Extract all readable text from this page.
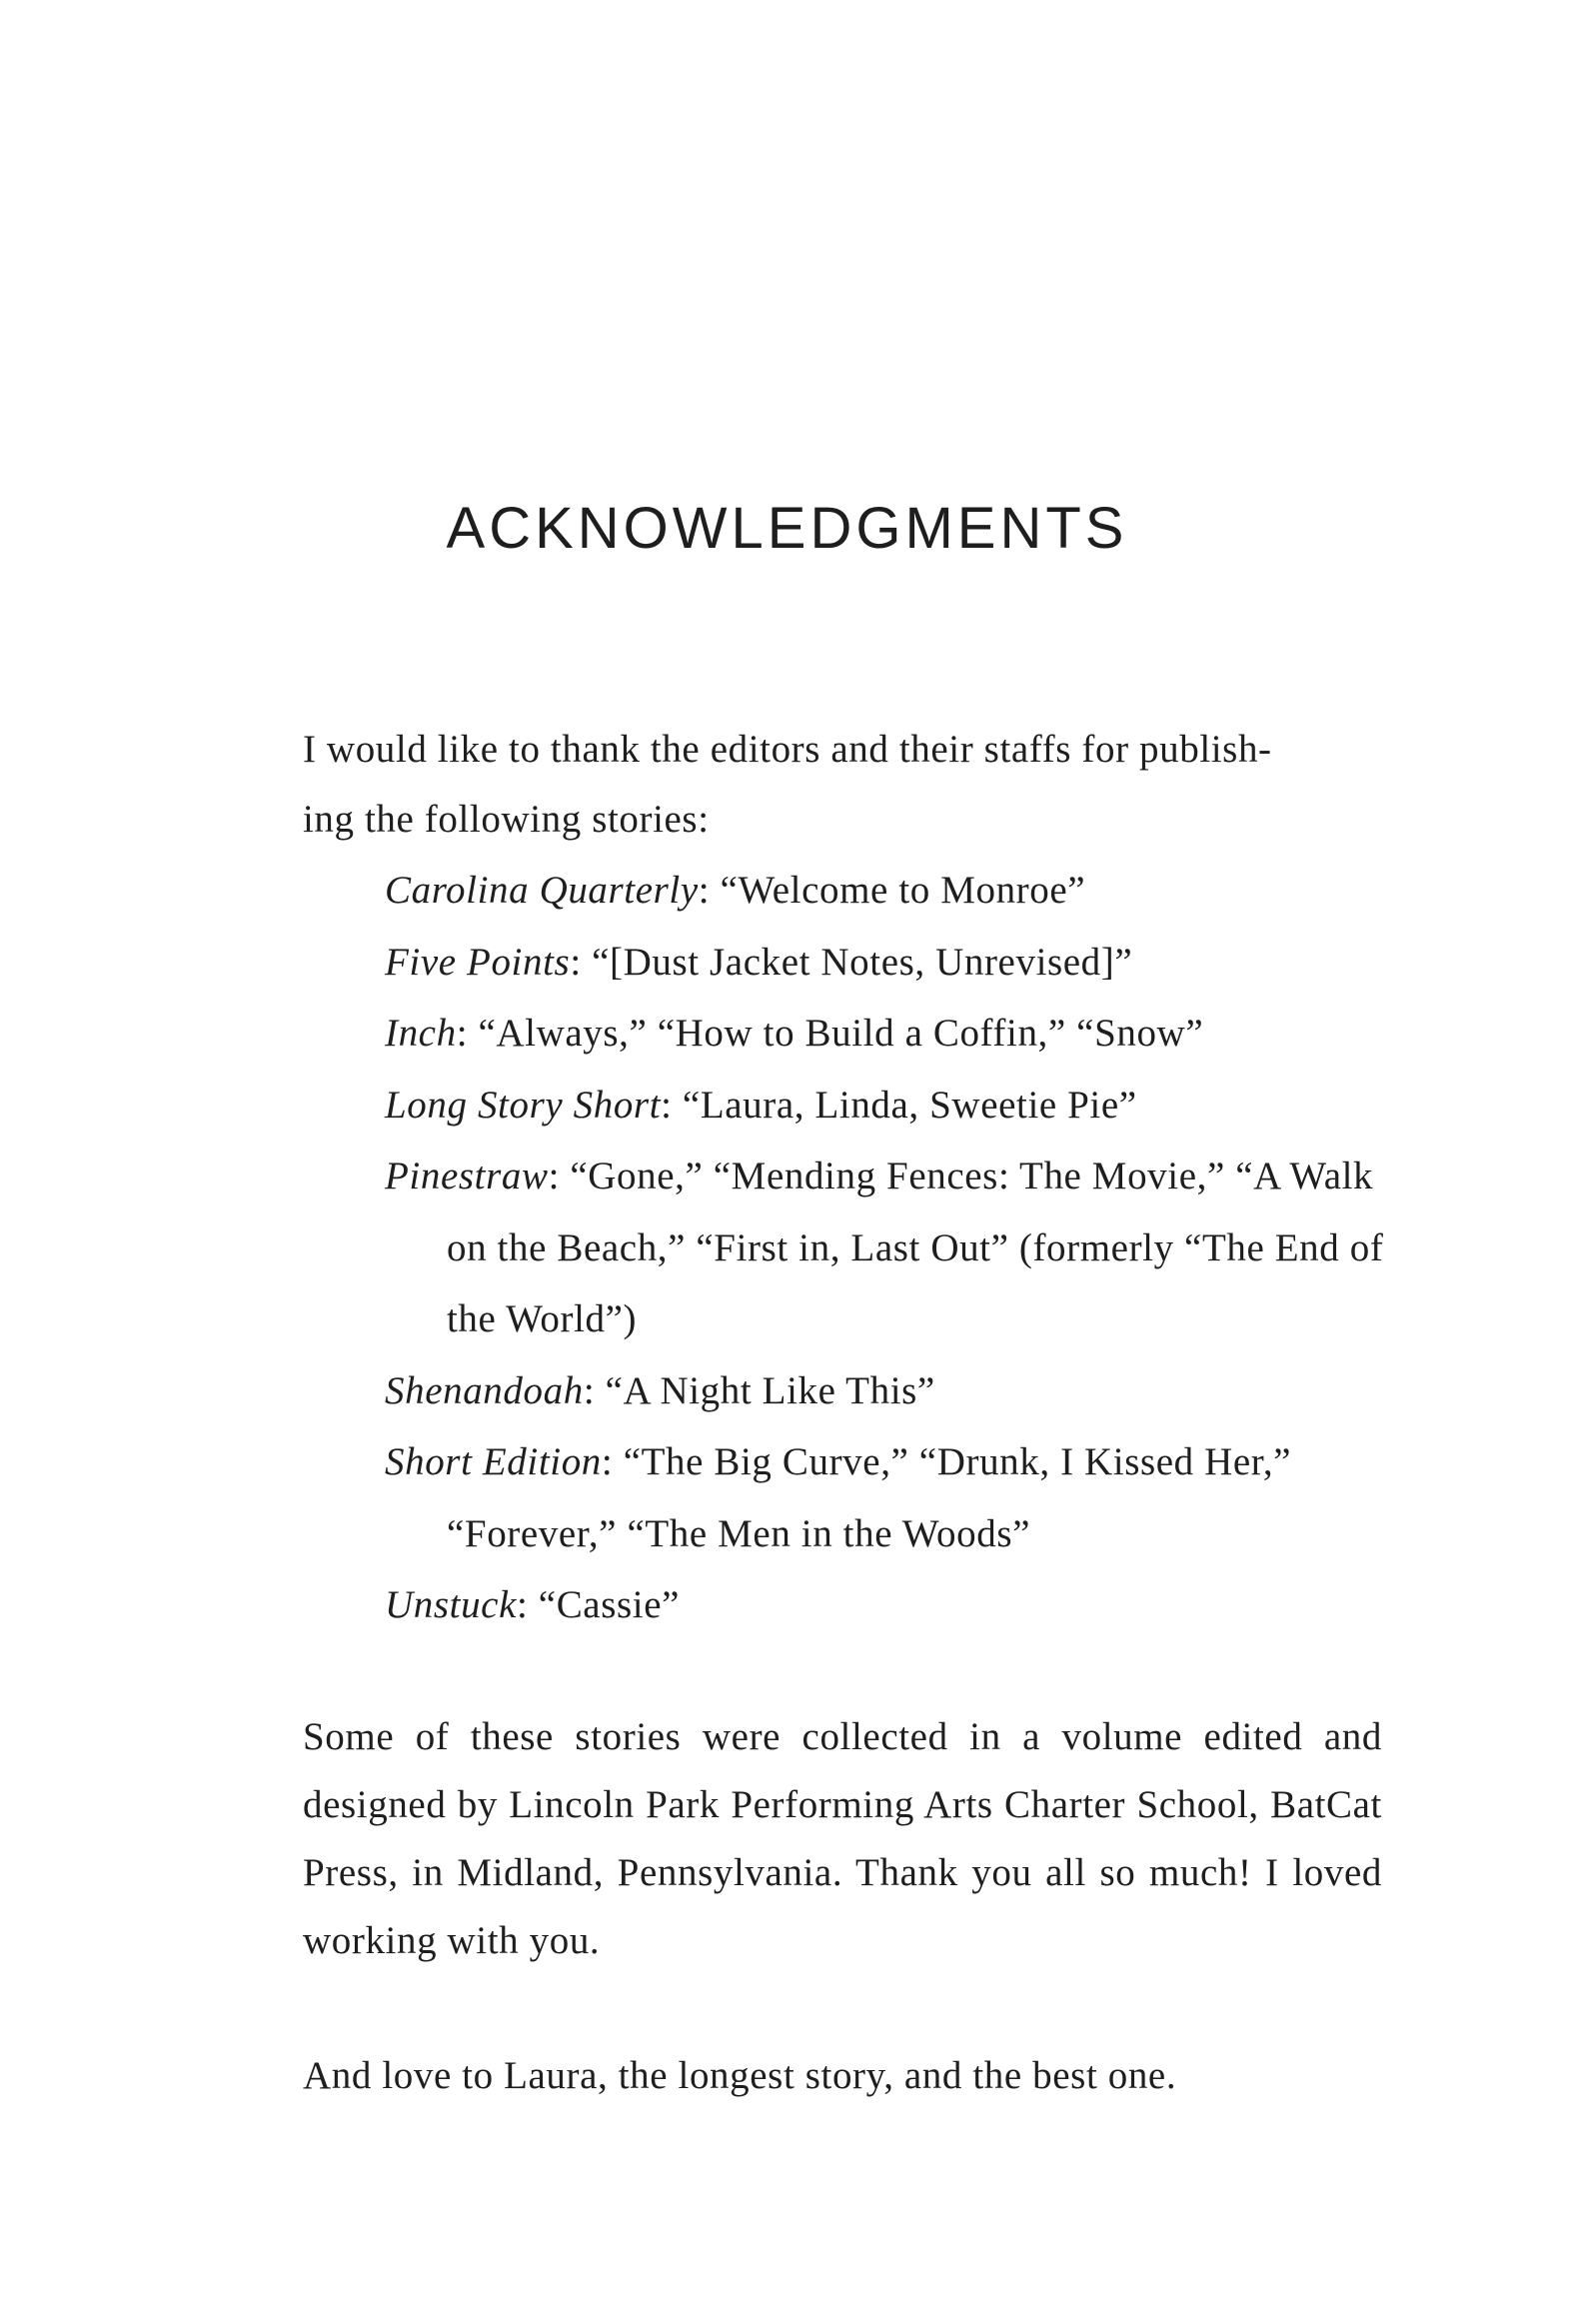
ACKNOWLEDGMENTS

I would like to thank the editors and their staffs for publish-
ing the following stories:

Carolina Quarterly: “Welcome to Monroe”
Five Points: “[Dust Jacket Notes, Unrevised]”
Inch: “Always,” “How to Build a Coffin,” “Snow”
Long Story Short: “Laura, Linda, Sweetie Pie”
Pinestraw: “Gone,” “Mending Fences: The Movie,” “A Walk on the Beach,” “First in, Last Out” (formerly “The End of the World”)
Shenandoah: “A Night Like This”
Short Edition: “The Big Curve,” “Drunk, I Kissed Her,” “Forever,” “The Men in the Woods”
Unstuck: “Cassie”

Some of these stories were collected in a volume edited and designed by Lincoln Park Performing Arts Charter School, BatCat Press, in Midland, Pennsylvania. Thank you all so much! I loved working with you.

And love to Laura, the longest story, and the best one.
